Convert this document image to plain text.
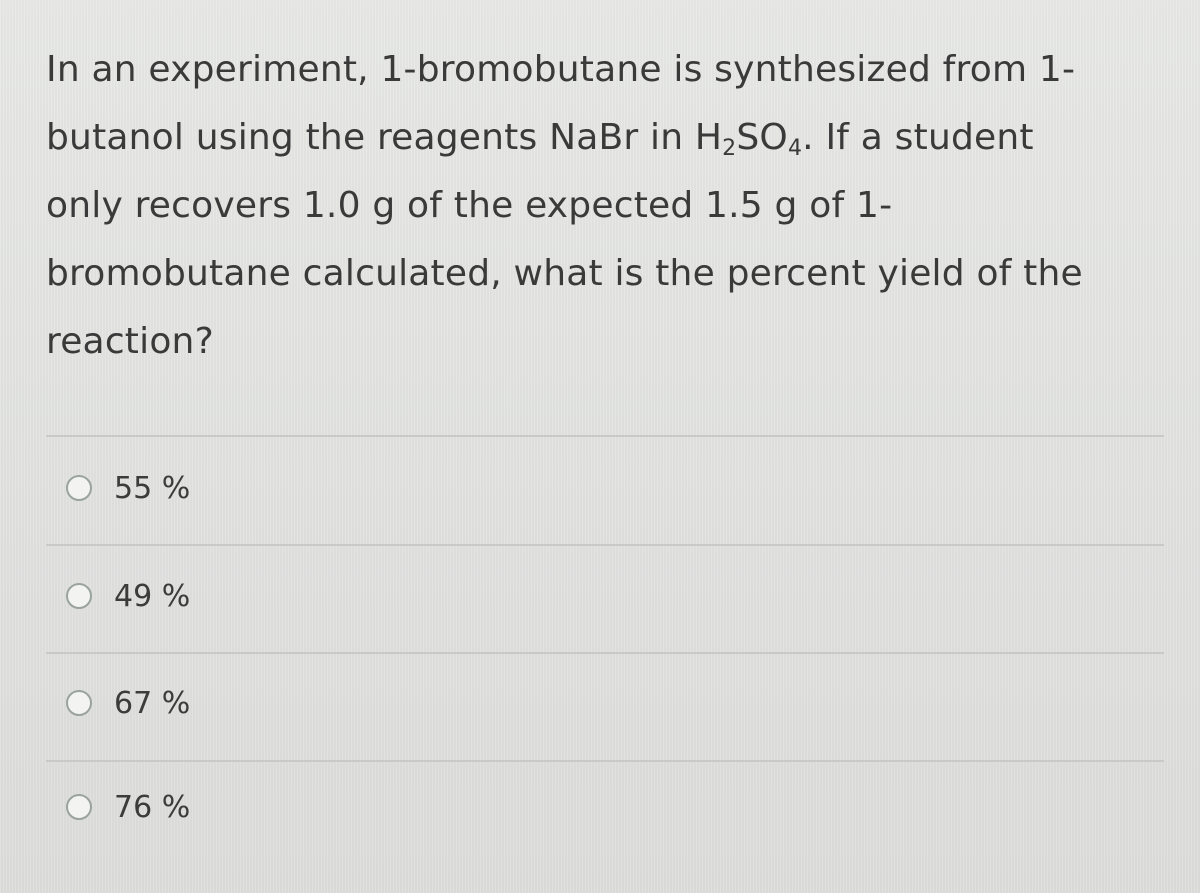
In an experiment, 1-bromobutane is synthesized from 1-
butanol using the reagents NaBr in $H_2SO_4$. If a student
only recovers 1.0 g of the expected 1.5 g of 1-
bromobutane calculated, what is the percent yield of the
reaction?
55 %
49 %
67 %
76 %
